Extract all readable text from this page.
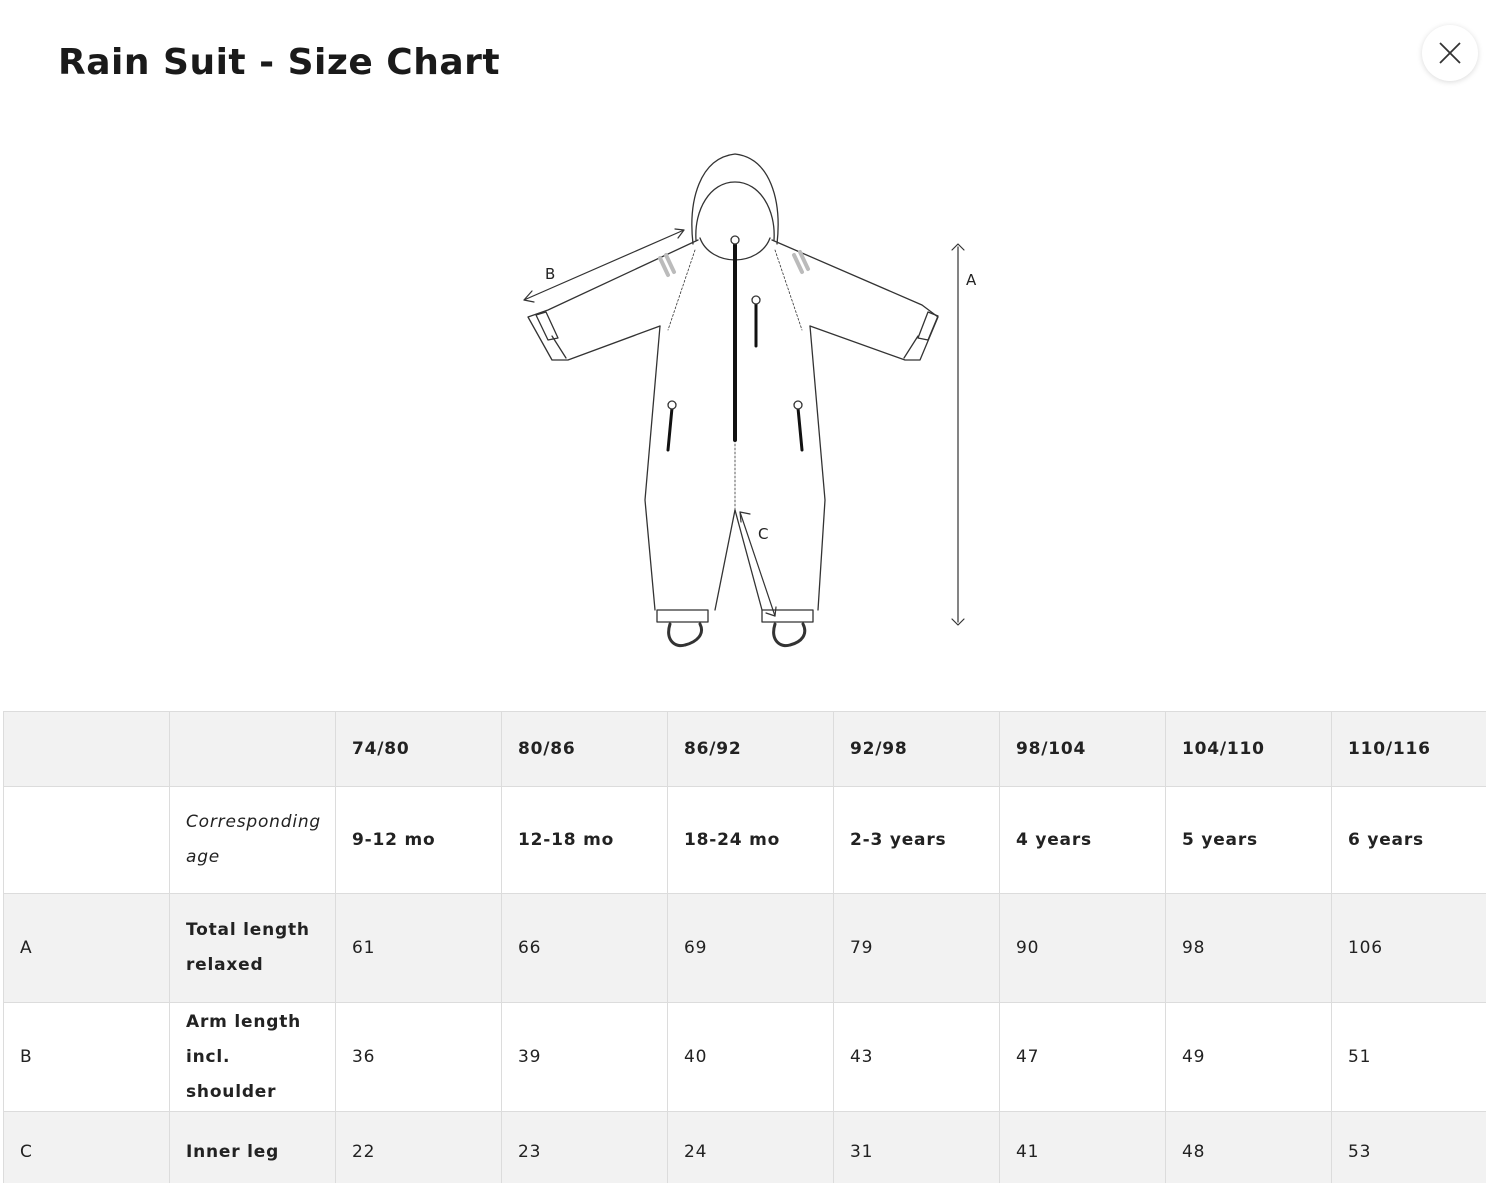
Rain Suit - Size Chart
B	A
C
		74/80	80/86	86/92	92/98	98/104	104/110	110/116
	Corresponding age	9-12 mo	12-18 mo	18-24 mo	2-3 years	4 years	5 years	6 years
A	Total length relaxed	61	66	69	79	90	98	106
B	Arm length incl. shoulder	36	39	40	43	47	49	51
C	Inner leg	22	23	24	31	41	48	53
